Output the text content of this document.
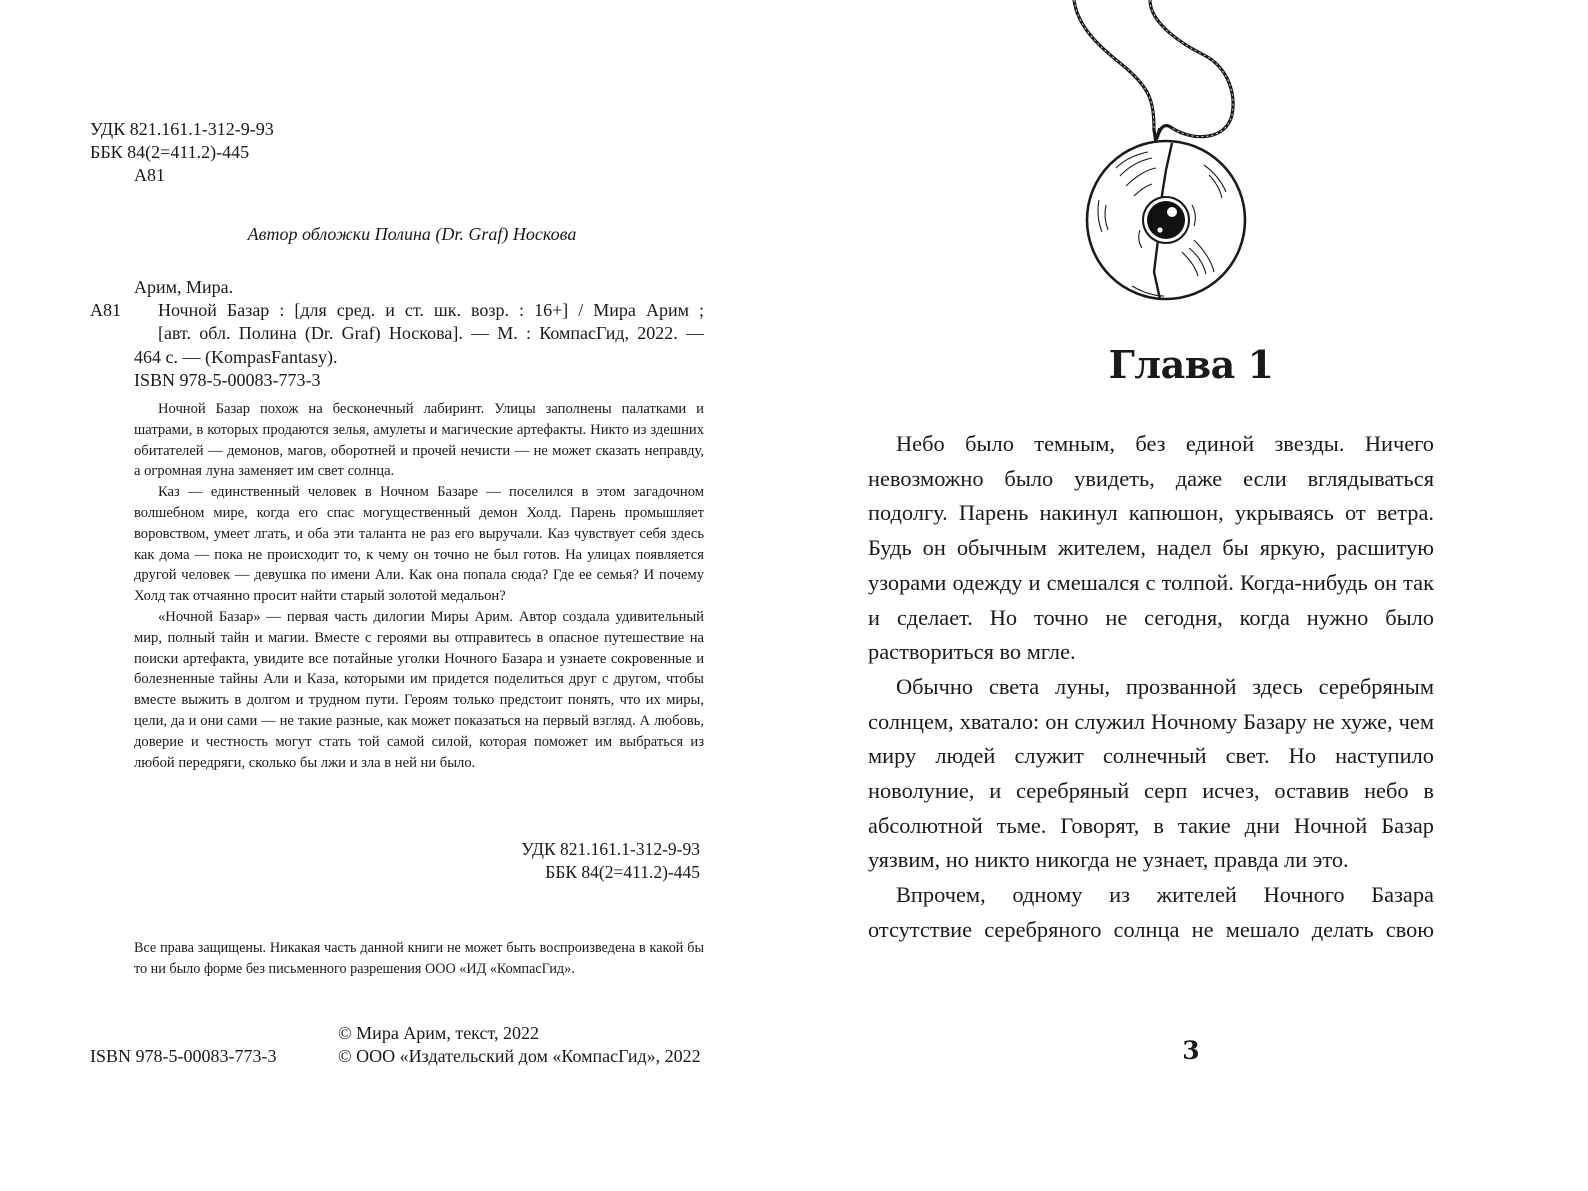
УДК 821.161.1-312-9-93
ББК 84(2=411.2)-445
А81
Автор обложки Полина (Dr. Graf) Носкова
Арим, Мира.
А81	Ночной Базар : [для сред. и ст. шк. возр. : 16+] / Мира Арим ;
[авт. обл. Полина (Dr. Graf) Носкова]. — М. : КомпасГид, 2022. —
464 с. — (KompasFantasy).
ISBN 978-5-00083-773-3

Ночной Базар похож на бесконечный лабиринт. Улицы заполнены палатками и шатрами, в которых продаются зелья, амулеты и магические артефакты. Никто из здешних обитателей — демонов, магов, оборотней и прочей нечисти — не может сказать неправду, а огромная луна заменяет им свет солнца.

Каз — единственный человек в Ночном Базаре — поселился в этом загадочном волшебном мире, когда его спас могущественный демон Холд. Парень промышляет воровством, умеет лгать, и оба эти таланта не раз его выручали. Каз чувствует себя здесь как дома — пока не происходит то, к чему он точно не был готов. На улицах появляется другой человек — девушка по имени Али. Как она попала сюда? Где ее семья? И почему Холд так отчаянно просит найти старый золотой медальон?

«Ночной Базар» — первая часть дилогии Миры Арим. Автор создала удивительный мир, полный тайн и магии. Вместе с героями вы отправитесь в опасное путешествие на поиски артефакта, увидите все потайные уголки Ночного Базара и узнаете сокровенные и болезненные тайны Али и Каза, которыми им придется поделиться друг с другом, чтобы вместе выжить в долгом и трудном пути. Героям только предстоит понять, что их миры, цели, да и они сами — не такие разные, как может показаться на первый взгляд. А любовь, доверие и честность могут стать той самой силой, которая поможет им выбраться из любой передряги, сколько бы лжи и зла в ней ни было.

УДК 821.161.1-312-9-93
ББК 84(2=411.2)-445
Все права защищены. Никакая часть данной книги не может быть воспроизведена в какой бы то ни было форме без письменного разрешения ООО «ИД «КомпасГид».
ISBN 978-5-00083-773-3
© Мира Арим, текст, 2022
© ООО «Издательский дом «КомпасГид», 2022
Глава 1

Небо было темным, без единой звезды. Ничего невозможно было увидеть, даже если вглядываться подолгу. Парень накинул капюшон, укрываясь от ветра. Будь он обычным жителем, надел бы яркую, расшитую узорами одежду и смешался с толпой. Когда-нибудь он так и сделает. Но точно не сегодня, когда нужно было раствориться во мгле.

Обычно света луны, прозванной здесь серебряным солнцем, хватало: он служил Ночному Базару не хуже, чем миру людей служит солнечный свет. Но наступило новолуние, и серебряный серп исчез, оставив небо в абсолютной тьме. Говорят, в такие дни Ночной Базар уязвим, но никто никогда не узнает, правда ли это.

Впрочем, одному из жителей Ночного Базара отсутствие серебряного солнца не мешало делать свою

3
